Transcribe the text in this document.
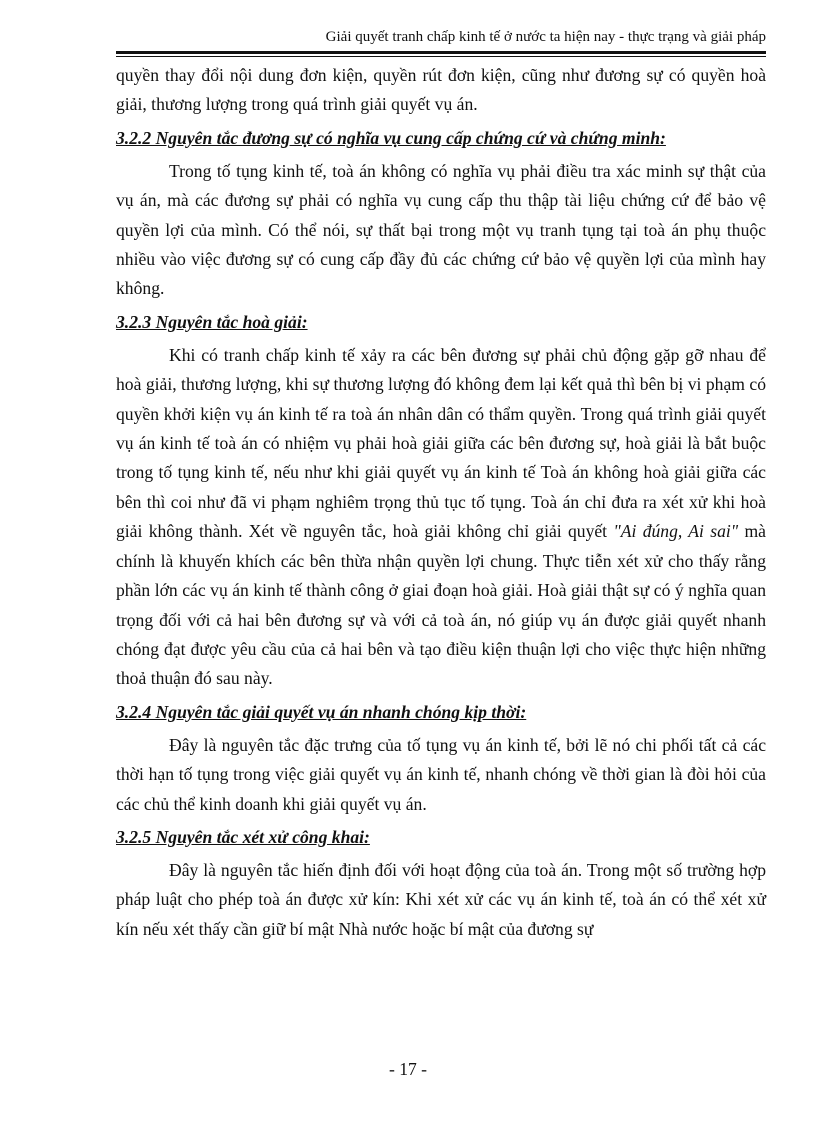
Giải quyết tranh chấp kinh tế ở nước ta hiện nay - thực trạng và giải pháp

quyền thay đổi nội dung đơn kiện, quyền rút đơn kiện, cũng như đương sự có quyền hoà giải, thương lượng trong quá trình giải quyết vụ án.

3.2.2 Nguyên tắc đương sự có nghĩa vụ cung cấp chứng cứ và chứng minh:

Trong tố tụng kinh tế, toà án không có nghĩa vụ phải điều tra xác minh sự thật của vụ án, mà các đương sự phải có nghĩa vụ cung cấp thu thập tài liệu chứng cứ để bảo vệ quyền lợi của mình. Có thể nói, sự thất bại trong một vụ tranh tụng tại toà án phụ thuộc nhiều vào việc đương sự có cung cấp đầy đủ các chứng cứ bảo vệ quyền lợi của mình hay không.

3.2.3 Nguyên tắc hoà giải:

Khi có tranh chấp kinh tế xảy ra các bên đương sự phải chủ động gặp gỡ nhau để hoà giải, thương lượng, khi sự thương lượng đó không đem lại kết quả thì bên bị vi phạm có quyền khởi kiện vụ án kinh tế ra toà án nhân dân có thẩm quyền. Trong quá trình giải quyết vụ án kinh tế toà án có nhiệm vụ phải hoà giải giữa các bên đương sự, hoà giải là bắt buộc trong tố tụng kinh tế, nếu như khi giải quyết vụ án kinh tế Toà án không hoà giải giữa các bên thì coi như đã vi phạm nghiêm trọng thủ tục tố tụng. Toà án chỉ đưa ra xét xử khi hoà giải không thành. Xét về nguyên tắc, hoà giải không chỉ giải quyết "Ai đúng, Ai sai" mà chính là khuyến khích các bên thừa nhận quyền lợi chung. Thực tiễn xét xử cho thấy rằng phần lớn các vụ án kinh tế thành công ở giai đoạn hoà giải. Hoà giải thật sự có ý nghĩa quan trọng đối với cả hai bên đương sự và với cả toà án, nó giúp vụ án được giải quyết nhanh chóng đạt được yêu cầu của cả hai bên và tạo điều kiện thuận lợi cho việc thực hiện những thoả thuận đó sau này.

3.2.4 Nguyên tắc giải quyết vụ án nhanh chóng kịp thời:

Đây là nguyên tắc đặc trưng của tố tụng vụ án kinh tế, bởi lẽ nó chi phối tất cả các thời hạn tố tụng trong việc giải quyết vụ án kinh tế, nhanh chóng về thời gian là đòi hỏi của các chủ thể kinh doanh khi giải quyết vụ án.

3.2.5 Nguyên tắc xét xử công khai:

Đây là nguyên tắc hiến định đối với hoạt động của toà án. Trong một số trường hợp pháp luật cho phép toà án được xử kín: Khi xét xử các vụ án kinh tế, toà án có thể xét xử kín nếu xét thấy cần giữ bí mật Nhà nước hoặc bí mật của đương sự

- 17 -
